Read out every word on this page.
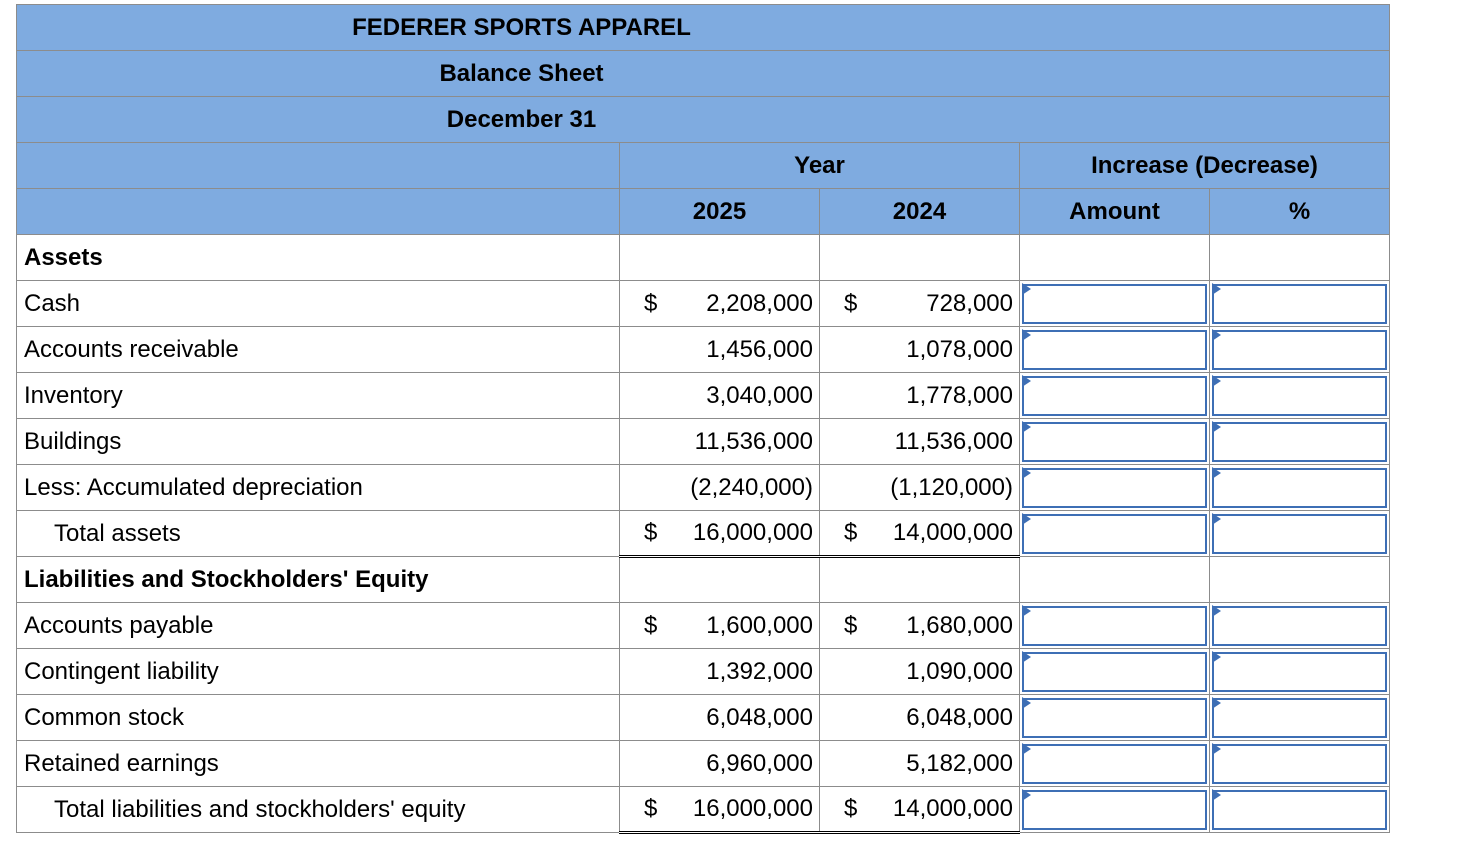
FEDERER SPORTS APPAREL				
Balance Sheet				
December 31				
	Year		Increase (Decrease)	
	2025	2024	Amount	%
Assets				
Cash	$ 2,208,000	$ 728,000	

Accounts receivable	1,456,000	1,078,000	

Inventory	3,040,000	1,778,000	

Buildings	11,536,000	11,536,000	

Less: Accumulated depreciation	(2,240,000)	(1,120,000)	

Total assets	$ 16,000,000	$ 14,000,000	

Liabilities and Stockholders' Equity				
Accounts payable	$ 1,600,000	$ 1,680,000	

Contingent liability	1,392,000	1,090,000	

Common stock	6,048,000	6,048,000	

Retained earnings	6,960,000	5,182,000	

Total liabilities and stockholders' equity	$ 16,000,000	$ 14,000,000	
